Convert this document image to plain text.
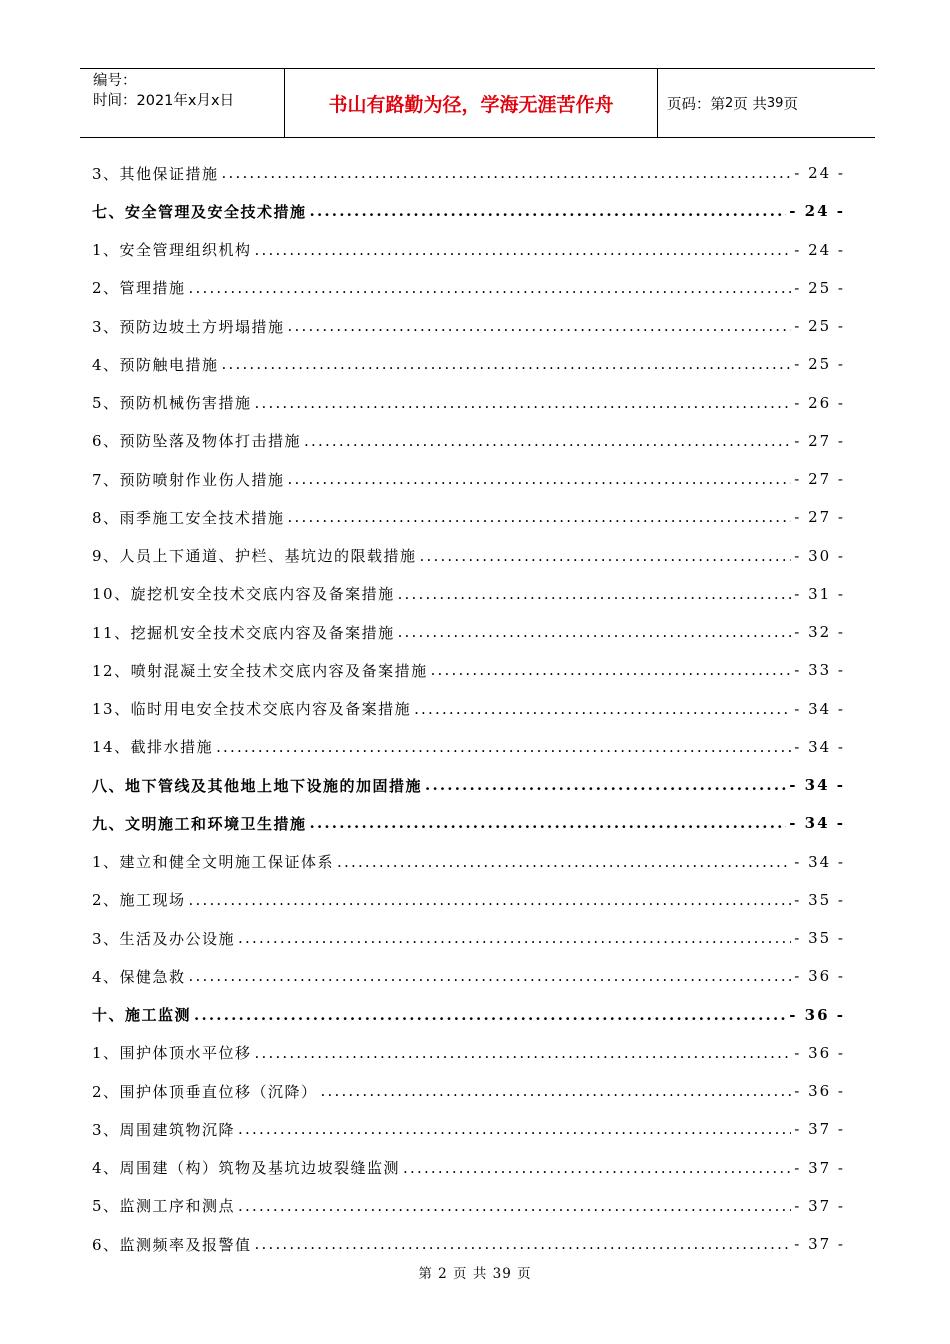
编号：
时间：2021年x月x日	书山有路勤为径，学海无涯苦作舟	页码：第 2 页 共 39 页
3、其他保证措施 .....	- 24 -
七、安全管理及安全技术措施 .....	- 24 -
1、安全管理组织机构 .....	- 24 -
2、管理措施 .....	- 25 -
3、预防边坡土方坍塌措施 .....	- 25 -
4、预防触电措施 .....	- 25 -
5、预防机械伤害措施 .....	- 26 -
6、预防坠落及物体打击措施 .....	- 27 -
7、预防喷射作业伤人措施 .....	- 27 -
8、雨季施工安全技术措施 .....	- 27 -
9、人员上下通道、护栏、基坑边的限载措施 .....	- 30 -
10、旋挖机安全技术交底内容及备案措施 .....	- 31 -
11、挖掘机安全技术交底内容及备案措施 .....	- 32 -
12、喷射混凝土安全技术交底内容及备案措施 .....	- 33 -
13、临时用电安全技术交底内容及备案措施 .....	- 34 -
14、截排水措施 .....	- 34 -
八、地下管线及其他地上地下设施的加固措施 .....	- 34 -
九、文明施工和环境卫生措施 .....	- 34 -
1、建立和健全文明施工保证体系 .....	- 34 -
2、施工现场 .....	- 35 -
3、生活及办公设施 .....	- 35 -
4、保健急救 .....	- 36 -
十、施工监测 .....	- 36 -
1、围护体顶水平位移 .....	- 36 -
2、围护体顶垂直位移（沉降） .....	- 36 -
3、周围建筑物沉降 .....	- 37 -
4、周围建（构）筑物及基坑边坡裂缝监测 .....	- 37 -
5、监测工序和测点 .....	- 37 -
6、监测频率及报警值 .....	- 37 -
第 2 页 共 39 页
